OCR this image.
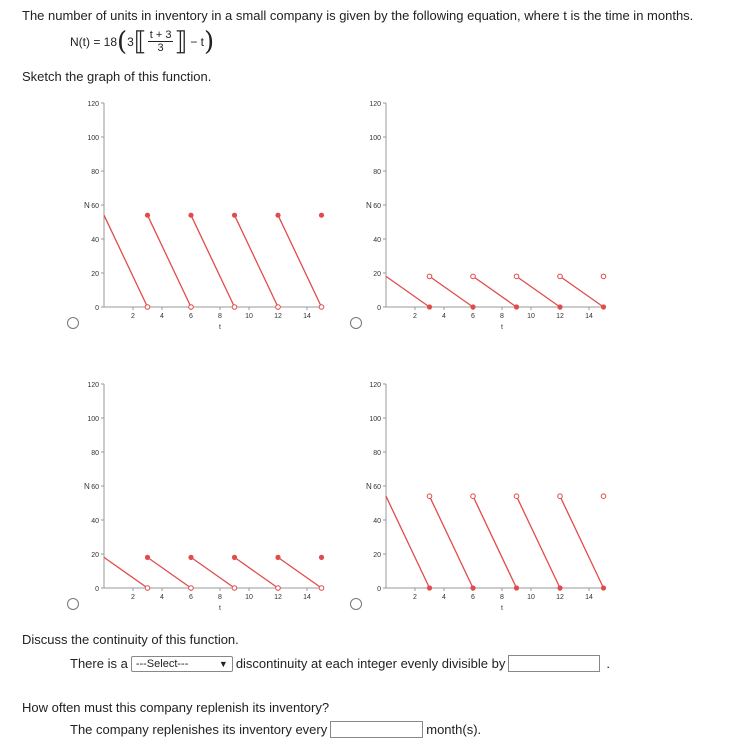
The number of units in inventory in a small company is given by the following equation, where t is the time in months.
N(t) = 18 ( 3 ⟦ $\frac{t + 3}{3}$ ⟧ − t )
Sketch the graph of this function.
120
100
80
60
40
20
0
2	4	6	8	10	12	14
N
t
120
100
80
60
40
20
0
2	4	6	8	10	12	14
N
t
120
100
80
60
40
20
0
2	4	6	8	10	12	14
N
t
120
100
80
60
40
20
0
2	4	6	8	10	12	14
N
t
Discuss the continuity of this function.
There is a ---Select---	▼ discontinuity at each integer evenly divisible by	.
How often must this company replenish its inventory?
The company replenishes its inventory every	month(s).
